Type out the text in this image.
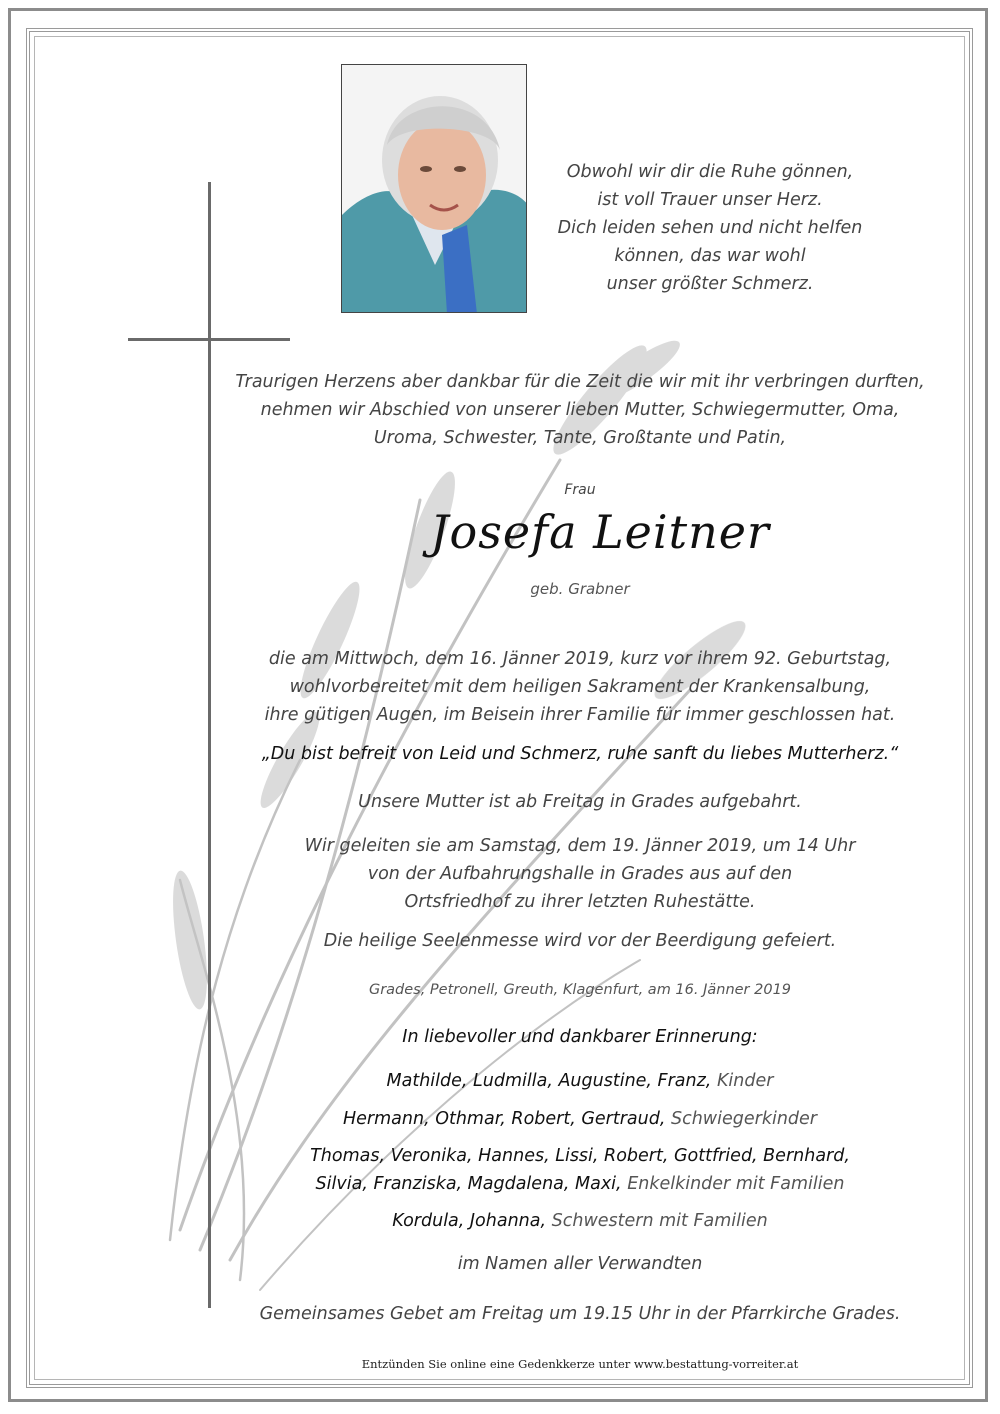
Obwohl wir dir die Ruhe gönnen,
ist voll Trauer unser Herz.
Dich leiden sehen und nicht helfen
können, das war wohl
unser größter Schmerz.
Traurigen Herzens aber dankbar für die Zeit die wir mit ihr verbringen durften,
nehmen wir Abschied von unserer lieben Mutter, Schwiegermutter, Oma,
Uroma, Schwester, Tante, Großtante und Patin,
Frau
Josefa Leitner
geb. Grabner
die am Mittwoch, dem 16. Jänner 2019, kurz vor ihrem 92. Geburtstag,
wohlvorbereitet mit dem heiligen Sakrament der Krankensalbung,
ihre gütigen Augen, im Beisein ihrer Familie für immer geschlossen hat.
„Du bist befreit von Leid und Schmerz, ruhe sanft du liebes Mutterherz.“
Unsere Mutter ist ab Freitag in Grades aufgebahrt.
Wir geleiten sie am Samstag, dem 19. Jänner 2019, um 14 Uhr
von der Aufbahrungshalle in Grades aus auf den
Ortsfriedhof zu ihrer letzten Ruhestätte.
Die heilige Seelenmesse wird vor der Beerdigung gefeiert.
Grades, Petronell, Greuth, Klagenfurt, am 16. Jänner 2019
In liebevoller und dankbarer Erinnerung:
Mathilde, Ludmilla, Augustine, Franz, Kinder
Hermann, Othmar, Robert, Gertraud, Schwiegerkinder
Thomas, Veronika, Hannes, Lissi, Robert, Gottfried, Bernhard,
Silvia, Franziska, Magdalena, Maxi, Enkelkinder mit Familien
Kordula, Johanna, Schwestern mit Familien
im Namen aller Verwandten
Gemeinsames Gebet am Freitag um 19.15 Uhr in der Pfarrkirche Grades.
Entzünden Sie online eine Gedenkkerze unter www.bestattung-vorreiter.at
